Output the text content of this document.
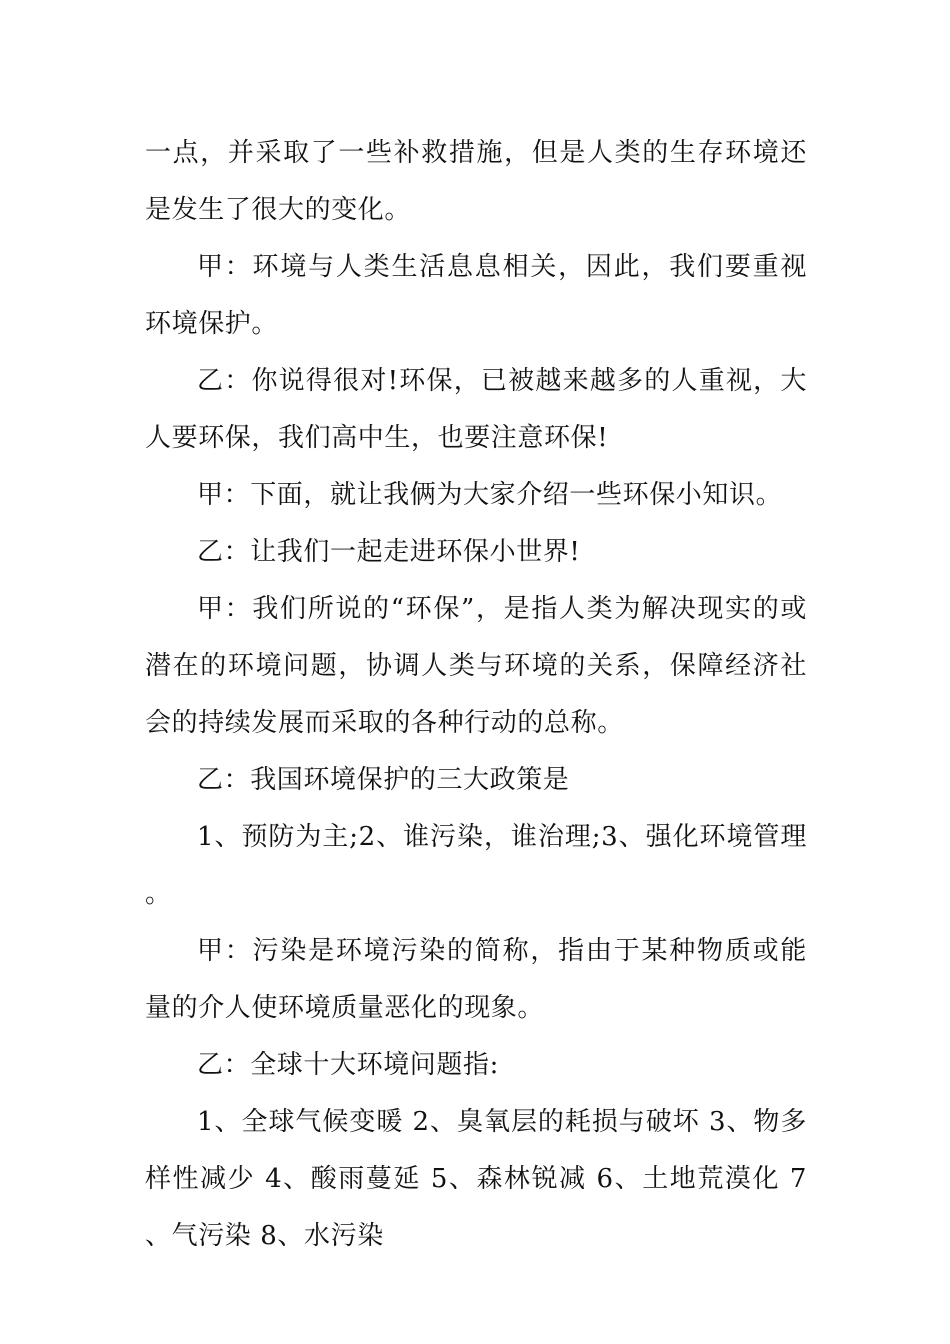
一点，并采取了一些补救措施，但是人类的生存环境还是发生了很大的变化。

甲：环境与人类生活息息相关，因此，我们要重视环境保护。

乙：你说得很对!环保，已被越来越多的人重视，大人要环保，我们高中生，也要注意环保!

甲：下面，就让我俩为大家介绍一些环保小知识。

乙：让我们一起走进环保小世界!

甲：我们所说的“环保”，是指人类为解决现实的或潜在的环境问题，协调人类与环境的关系，保障经济社会的持续发展而采取的各种行动的总称。

乙：我国环境保护的三大政策是

1、预防为主;2、谁污染，谁治理;3、强化环境管理。

甲：污染是环境污染的简称，指由于某种物质或能量的介人使环境质量恶化的现象。

乙：全球十大环境问题指:

1、全球气候变暖 2、臭氧层的耗损与破坏 3、物多样性减少 4、酸雨蔓延 5、森林锐减 6、土地荒漠化 7、气污染 8、水污染
